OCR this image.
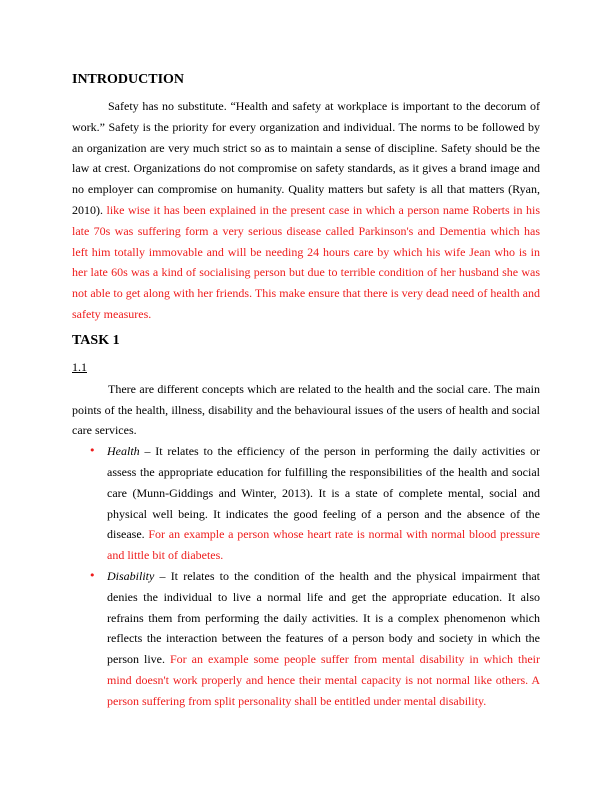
INTRODUCTION

Safety has no substitute. “Health and safety at workplace is important to the decorum of work.” Safety is the priority for every organization and individual. The norms to be followed by an organization are very much strict so as to maintain a sense of discipline. Safety should be the law at crest. Organizations do not compromise on safety standards, as it gives a brand image and no employer can compromise on humanity. Quality matters but safety is all that matters (Ryan, 2010). like wise it has been explained in the present case in which a person name Roberts in his late 70s was suffering form a very serious disease called Parkinson's and Dementia which has left him totally immovable and will be needing 24 hours care by which his wife Jean who is in her late 60s was a kind of socialising person but due to terrible condition of her husband she was not able to get along with her friends. This make ensure that there is very dead need of health and safety measures.

TASK 1
1.1

There are different concepts which are related to the health and the social care. The main points of the health, illness, disability and the behavioural issues of the users of health and social care services.

• Health – It relates to the efficiency of the person in performing the daily activities or assess the appropriate education for fulfilling the responsibilities of the health and social care (Munn-Giddings and Winter, 2013). It is a state of complete mental, social and physical well being. It indicates the good feeling of a person and the absence of the disease. For an example a person whose heart rate is normal with normal blood pressure and little bit of diabetes.
• Disability – It relates to the condition of the health and the physical impairment that denies the individual to live a normal life and get the appropriate education. It also refrains them from performing the daily activities. It is a complex phenomenon which reflects the interaction between the features of a person body and society in which the person live. For an example some people suffer from mental disability in which their mind doesn't work properly and hence their mental capacity is not normal like others. A person suffering from split personality shall be entitled under mental disability.
